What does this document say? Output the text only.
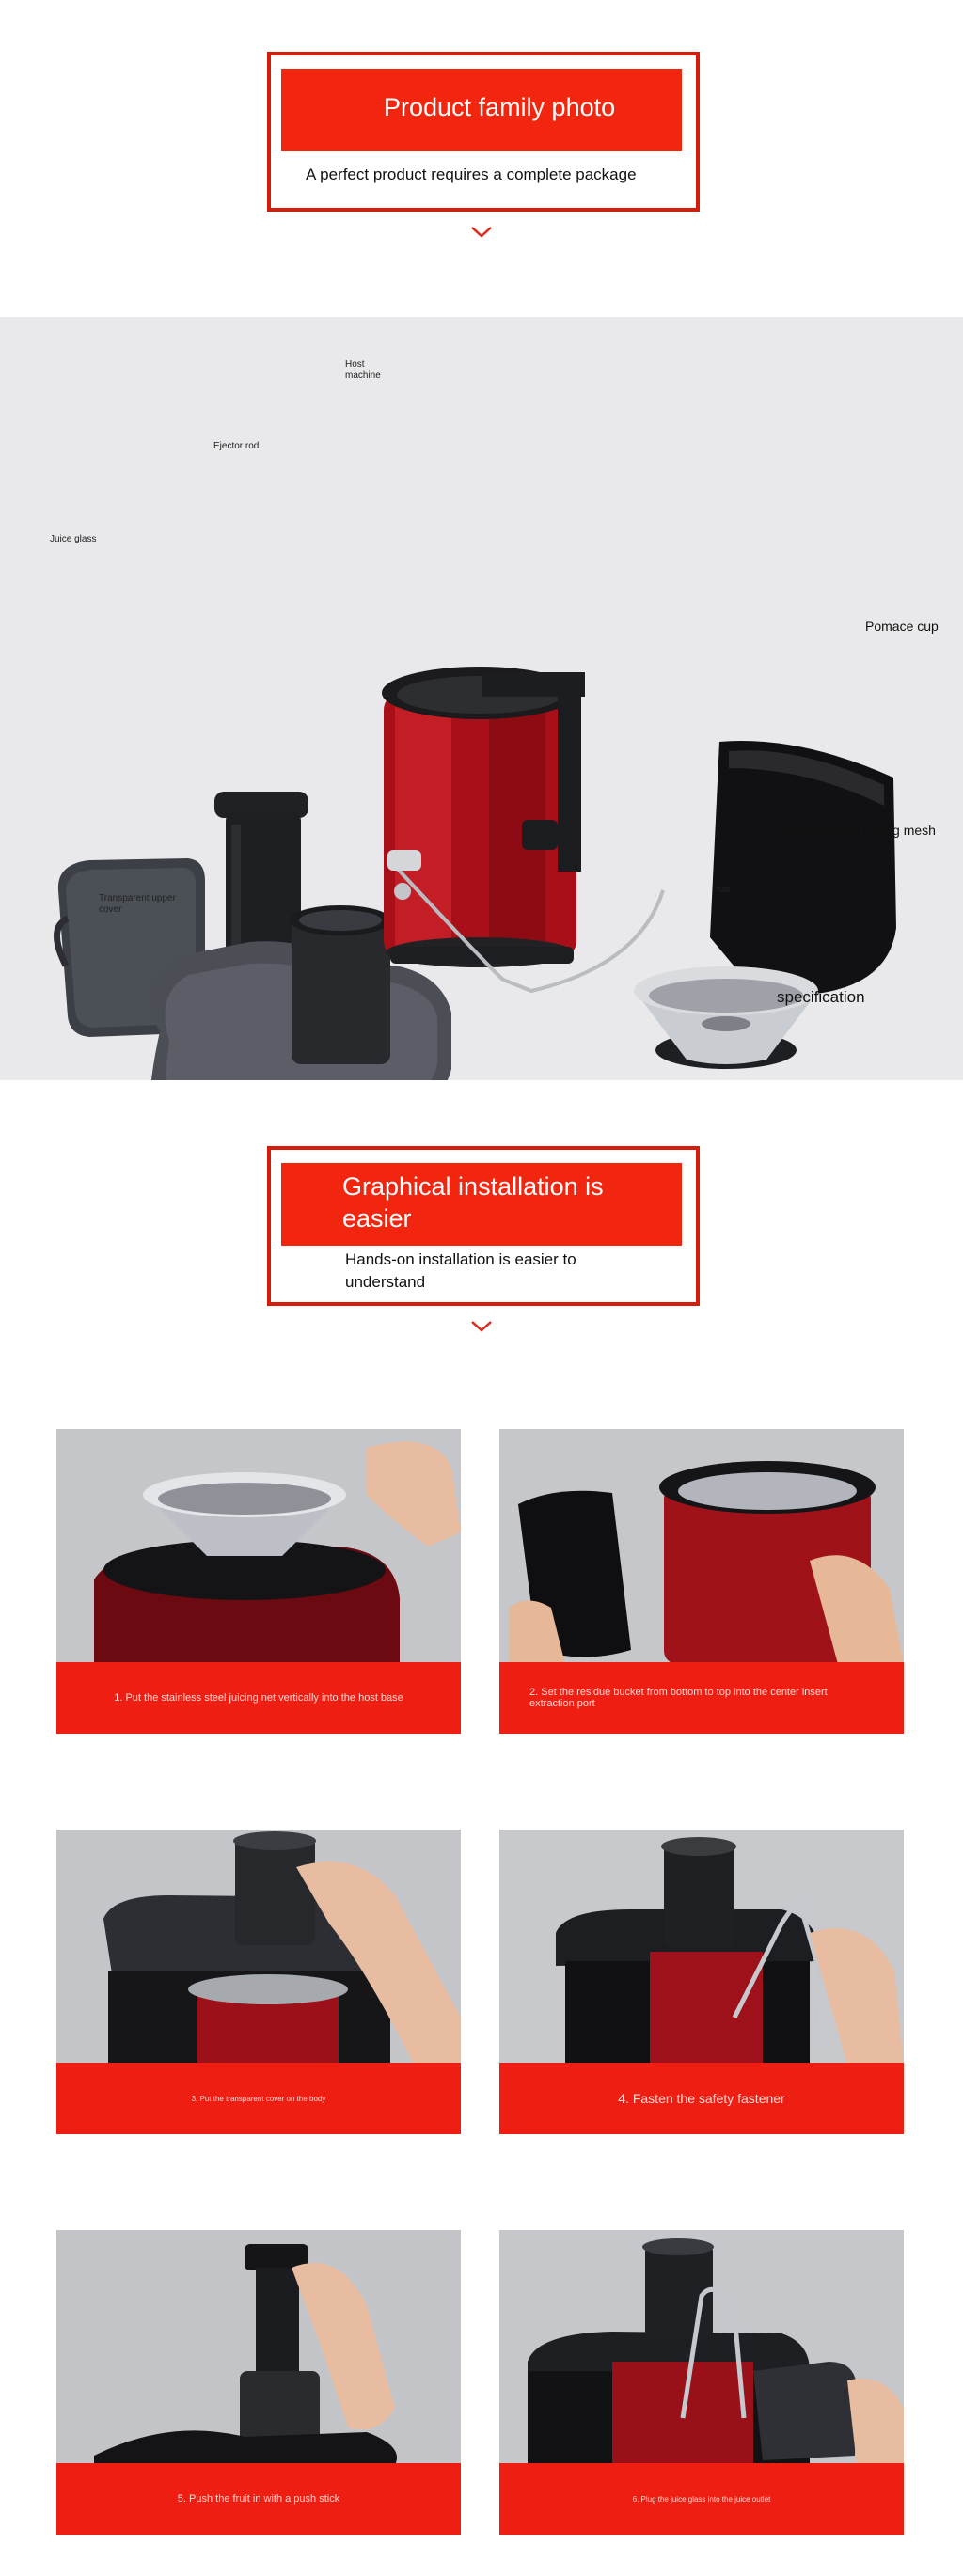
Product family photo
A perfect product requires a complete package
Host
machine
Ejector rod
Juice glass
Pomace cup
Stainless steel juicing mesh
Transparent upper
cover
hair
specification
Graphical installation is easier
Hands-on installation is easier to understand
1. Put the stainless steel juicing net vertically into the host base	2. Set the residue bucket from bottom to top into the center insert extraction port
3. Put the transparent cover on the body	4. Fasten the safety fastener
5. Push the fruit in with a push stick	6. Plug the juice glass into the juice outlet
